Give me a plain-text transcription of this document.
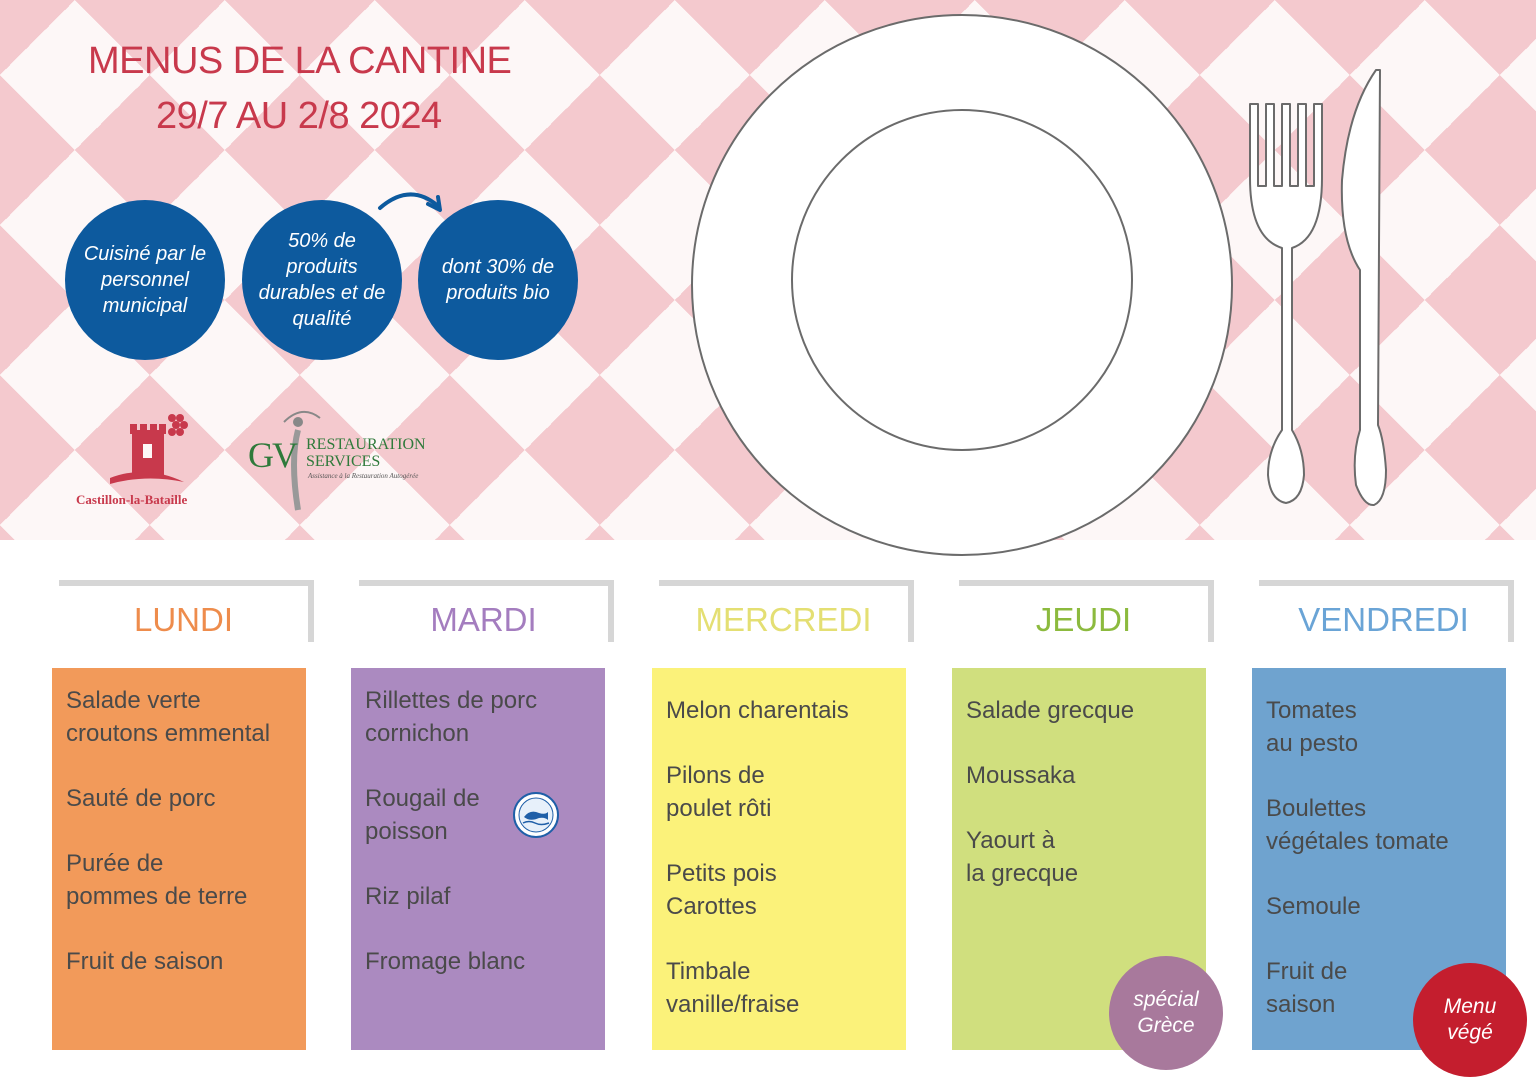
MENUS DE LA CANTINE
29/7 AU 2/8 2024
Cuisiné par le personnel municipal
50% de produits durables et de qualité
dont 30% de produits bio
Castillon-la-Bataille
GV RESTAURATION
SERVICES
Assistance à la Restauration Autogérée
LUNDI	MARDI	MERCREDI	JEUDI	VENDREDI
Salade verte
croutons emmental
Sauté de porc
Purée de
pommes de terre
Fruit de saison
Rillettes de porc
cornichon
Rougail de
poisson
Riz pilaf
Fromage blanc
Melon charentais
Pilons de
poulet rôti
Petits pois
Carottes
Timbale
vanille/fraise
Salade grecque
Moussaka
Yaourt à
la grecque
Tomates
au pesto
Boulettes
végétales tomate
Semoule
Fruit de
saison
spécial
Grèce
Menu
végé
